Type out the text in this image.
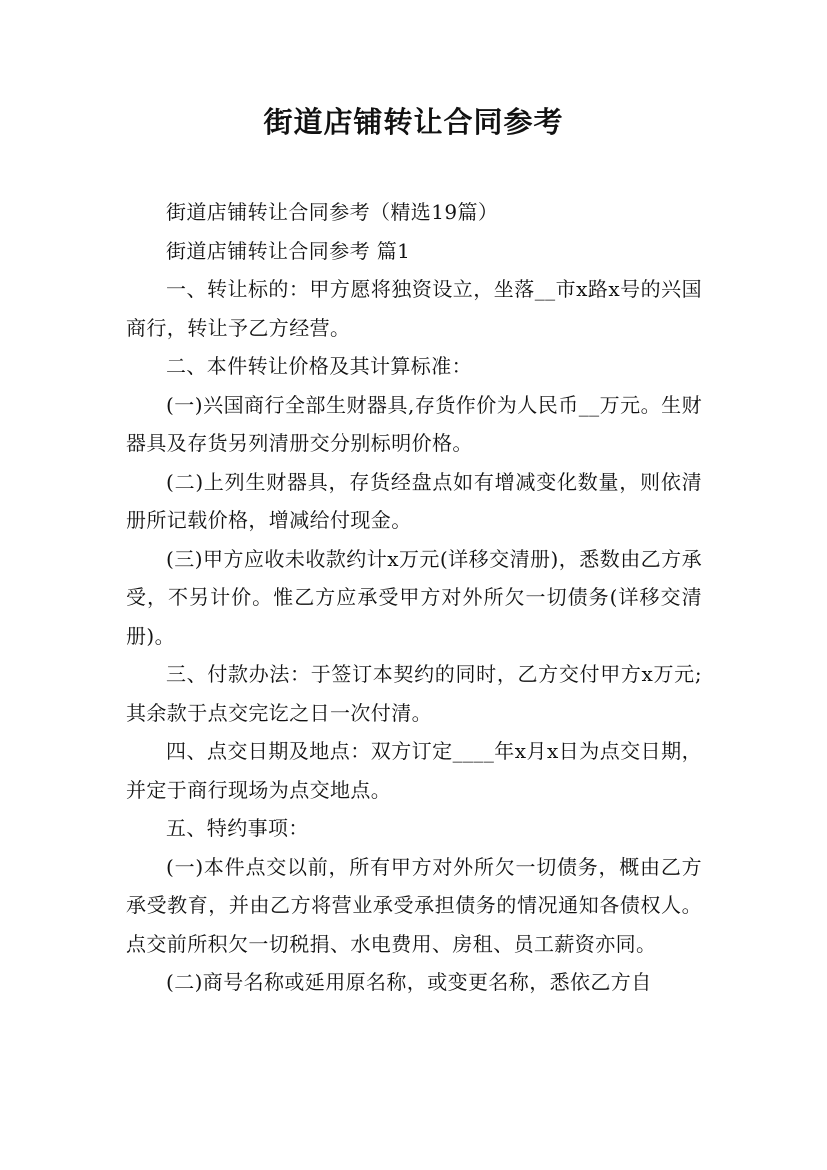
街道店铺转让合同参考

街道店铺转让合同参考（精选19篇）

街道店铺转让合同参考 篇1

一、转让标的：甲方愿将独资设立，坐落__市x路x号的兴国商行，转让予乙方经营。

二、本件转让价格及其计算标准：

(一)兴国商行全部生财器具,存货作价为人民币__万元。生财器具及存货另列清册交分别标明价格。

(二)上列生财器具，存货经盘点如有增减变化数量，则依清册所记载价格，增减给付现金。

(三)甲方应收未收款约计x万元(详移交清册)，悉数由乙方承受，不另计价。惟乙方应承受甲方对外所欠一切债务(详移交清册)。

三、付款办法：于签订本契约的同时，乙方交付甲方x万元;其余款于点交完讫之日一次付清。

四、点交日期及地点：双方订定____年x月x日为点交日期，并定于商行现场为点交地点。

五、特约事项：

(一)本件点交以前，所有甲方对外所欠一切债务，概由乙方承受教育，并由乙方将营业承受承担债务的情况通知各债权人。点交前所积欠一切税捐、水电费用、房租、员工薪资亦同。

(二)商号名称或延用原名称，或变更名称，悉依乙方自
